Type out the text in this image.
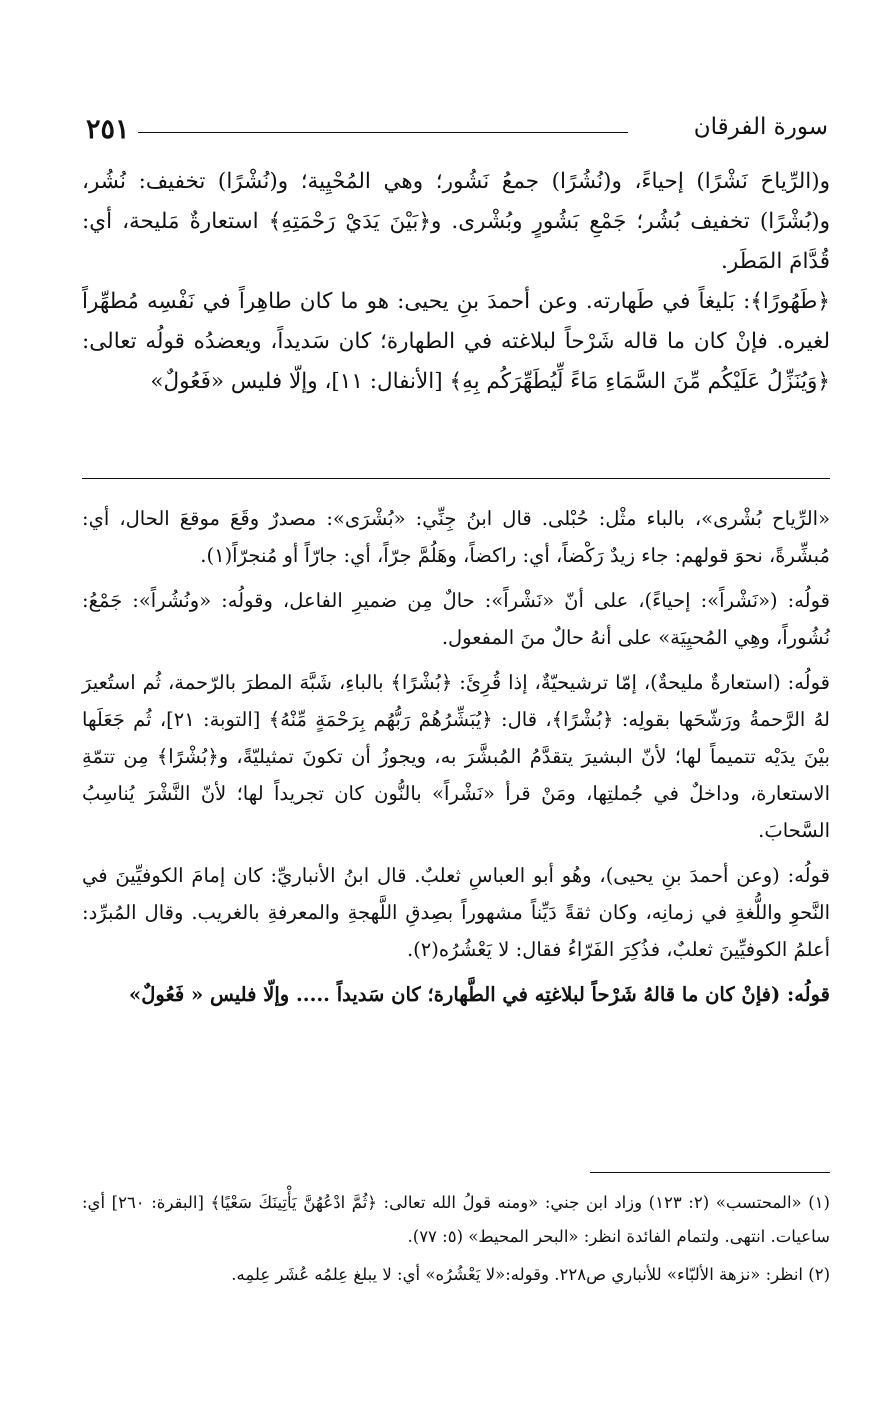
٢٥١	سورة الفرقان

و(الرِّياحَ نَشْرًا) إحياءً، و(نُشُرًا) جمعُ نَشُور؛ وهي المُحْيِية؛ و(نُشْرًا) تخفيف: نُشُر، و(بُشْرًا) تخفيف بُشُر؛ جَمْعِ بَشُورٍ وبُشْرى. و﴿بَيْنَ يَدَيْ رَحْمَتِهِ﴾ استعارةٌ مَليحة، أي: قُدَّامَ المَطَر.

﴿طَهُورًا﴾: بَليغاً في طَهارته. وعن أحمدَ بنِ يحيى: هو ما كان طاهِراً في نَفْسِه مُطهِّراً لغيره. فإنْ كان ما قاله شَرْحاً لبلاغته في الطهارة؛ كان سَديداً، ويعضدُه قولُه تعالى: ﴿وَيُنَزِّلُ عَلَيْكُم مِّنَ السَّمَاءِ مَاءً لِّيُطَهِّرَكُم بِهِ﴾ [الأنفال: ١١]، وإلّا فليس «فَعُولٌ»

«الرِّياح بُشْرى»، بالباء مثْل: حُبْلى. قال ابنُ جِنِّي: «بُشْرَى»: مصدرٌ وقَعَ موقعَ الحال، أي: مُبشِّرةً، نحوَ قولهم: جاء زيدٌ رَكْضاً، أي: راكضاً، وهَلُمَّ جرّاً، أي: جارّاً أو مُنجرّاً(١).

قولُه: («نَشْراً»: إحياءً)، على أنّ «نَشْراً»: حالٌ مِن ضميرِ الفاعل، وقولُه: «ونُشُراً»: جَمْعُ: نُشُوراً، وهِي المُحيِيَة» على أنهُ حالٌ منَ المفعول.

قولُه: (استعارةٌ مليحةٌ)، إمّا ترشيحيّةٌ، إذا قُرِئَ: ﴿بُشْرًا﴾ بالباءِ، شَبَّهَ المطرَ بالرّحمة، ثُم استُعيرَ لهُ الرَّحمةُ ورَشّحَها بقولِه: ﴿بُشْرًا﴾، قال: ﴿يُبَشِّرُهُمْ رَبُّهُم بِرَحْمَةٍ مِّنْهُ﴾ [التوبة: ٢١]، ثُم جَعَلَها بيْنَ يدَيْه تتميماً لها؛ لأنّ البشيرَ يتقدَّمُ المُبشَّرَ به، ويجوزُ أن تكونَ تمثيليّةً، و﴿بُشْرًا﴾ مِن تتمّةِ الاستعارة، وداخلٌ في جُملتِها، ومَنْ قرأ «نَشْراً» بالنُّون كان تجريداً لها؛ لأنّ النَّشْرَ يُناسِبُ السَّحابَ.

قولُه: (وعن أحمدَ بنِ يحيى)، وهُو أبو العباسِ ثعلبٌ. قال ابنُ الأنباريِّ: كان إمامَ الكوفيِّينَ في النَّحوِ واللُّغةِ في زمانِه، وكان ثقةً دَيِّناً مشهوراً بصِدقِ اللَّهجةِ والمعرفةِ بالغريب. وقال المُبرِّد: أعلمُ الكوفيِّينَ ثعلبٌ، فذُكِرَ الفَرّاءُ فقال: لا يَعْشُرُه(٢).

قولُه: (فإنْ كان ما قالهُ شَرْحاً لبلاغتِه في الطَّهارة؛ كان سَديداً ..... وإلّا فليس « فَعُولٌ»

(١) «المحتسب» (٢: ١٢٣) وزاد ابن جني: «ومنه قولُ الله تعالى: ﴿ثُمَّ ادْعُهُنَّ يَأْتِينَكَ سَعْيًا﴾ [البقرة: ٢٦٠] أي: ساعيات. انتهى. ولتمام الفائدة انظر: «البحر المحيط» (٥: ٧٧).

(٢) انظر: «نزهة الألبّاء» للأنباري ص٢٢٨. وقوله:«لا يَعْشُرُه» أي: لا يبلغ عِلمُه عُشَر عِلمِه.
